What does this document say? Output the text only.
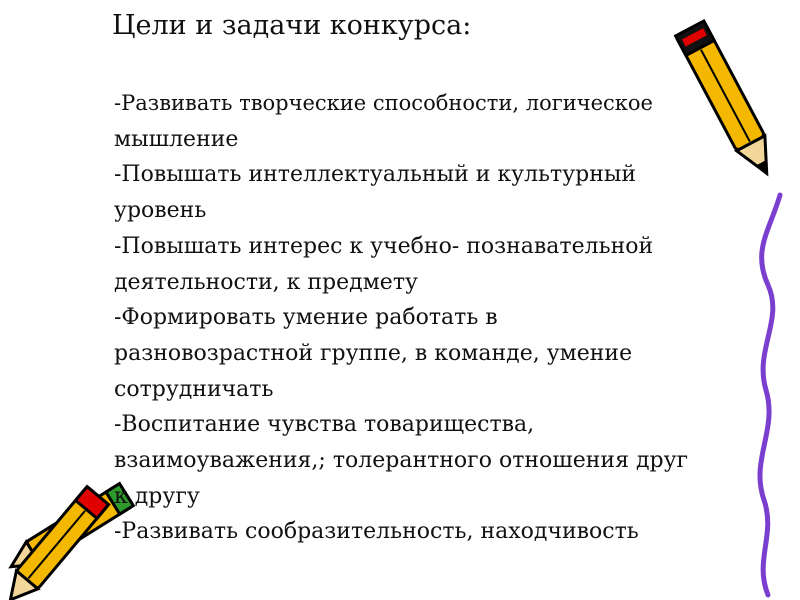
Цели и задачи конкурса:
-Развивать творческие способности, логическое
мышление
-Повышать интеллектуальный и культурный
уровень
-Повышать интерес к учебно- познавательной
деятельности, к предмету
-Формировать умение работать в
разновозрастной группе, в команде, умение
сотрудничать
-Воспитание чувства товарищества,
взаимоуважения,; толерантного отношения друг
к другу
-Развивать сообразительность, находчивость
